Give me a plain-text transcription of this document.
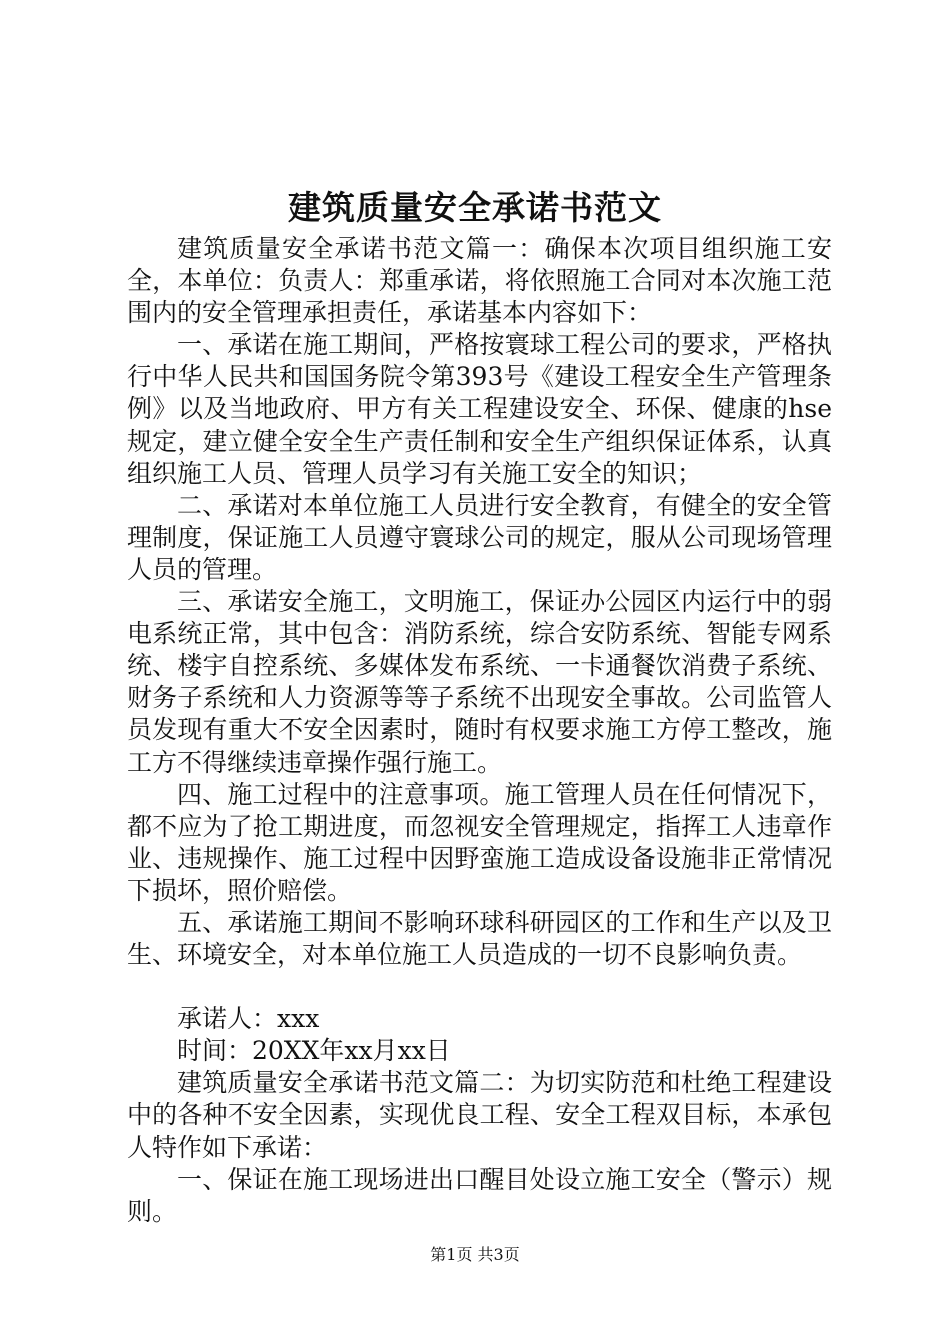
建筑质量安全承诺书范文

建筑质量安全承诺书范文篇一：确保本次项目组织施工安全，本单位：负责人：郑重承诺，将依照施工合同对本次施工范围内的安全管理承担责任，承诺基本内容如下：

一、承诺在施工期间，严格按寰球工程公司的要求，严格执行中华人民共和国国务院令第393号《建设工程安全生产管理条例》以及当地政府、甲方有关工程建设安全、环保、健康的hse规定，建立健全安全生产责任制和安全生产组织保证体系，认真组织施工人员、管理人员学习有关施工安全的知识；

二、承诺对本单位施工人员进行安全教育，有健全的安全管理制度，保证施工人员遵守寰球公司的规定，服从公司现场管理人员的管理。

三、承诺安全施工，文明施工，保证办公园区内运行中的弱电系统正常，其中包含：消防系统，综合安防系统、智能专网系统、楼宇自控系统、多媒体发布系统、一卡通餐饮消费子系统、财务子系统和人力资源等等子系统不出现安全事故。公司监管人员发现有重大不安全因素时，随时有权要求施工方停工整改，施工方不得继续违章操作强行施工。

四、施工过程中的注意事项。施工管理人员在任何情况下，都不应为了抢工期进度，而忽视安全管理规定，指挥工人违章作业、违规操作、施工过程中因野蛮施工造成设备设施非正常情况下损坏，照价赔偿。

五、承诺施工期间不影响环球科研园区的工作和生产以及卫生、环境安全，对本单位施工人员造成的一切不良影响负责。

承诺人：xxx

时间：20XX年xx月xx日

建筑质量安全承诺书范文篇二：为切实防范和杜绝工程建设中的各种不安全因素，实现优良工程、安全工程双目标，本承包人特作如下承诺：

一、保证在施工现场进出口醒目处设立施工安全（警示）规则。

第1页 共3页
